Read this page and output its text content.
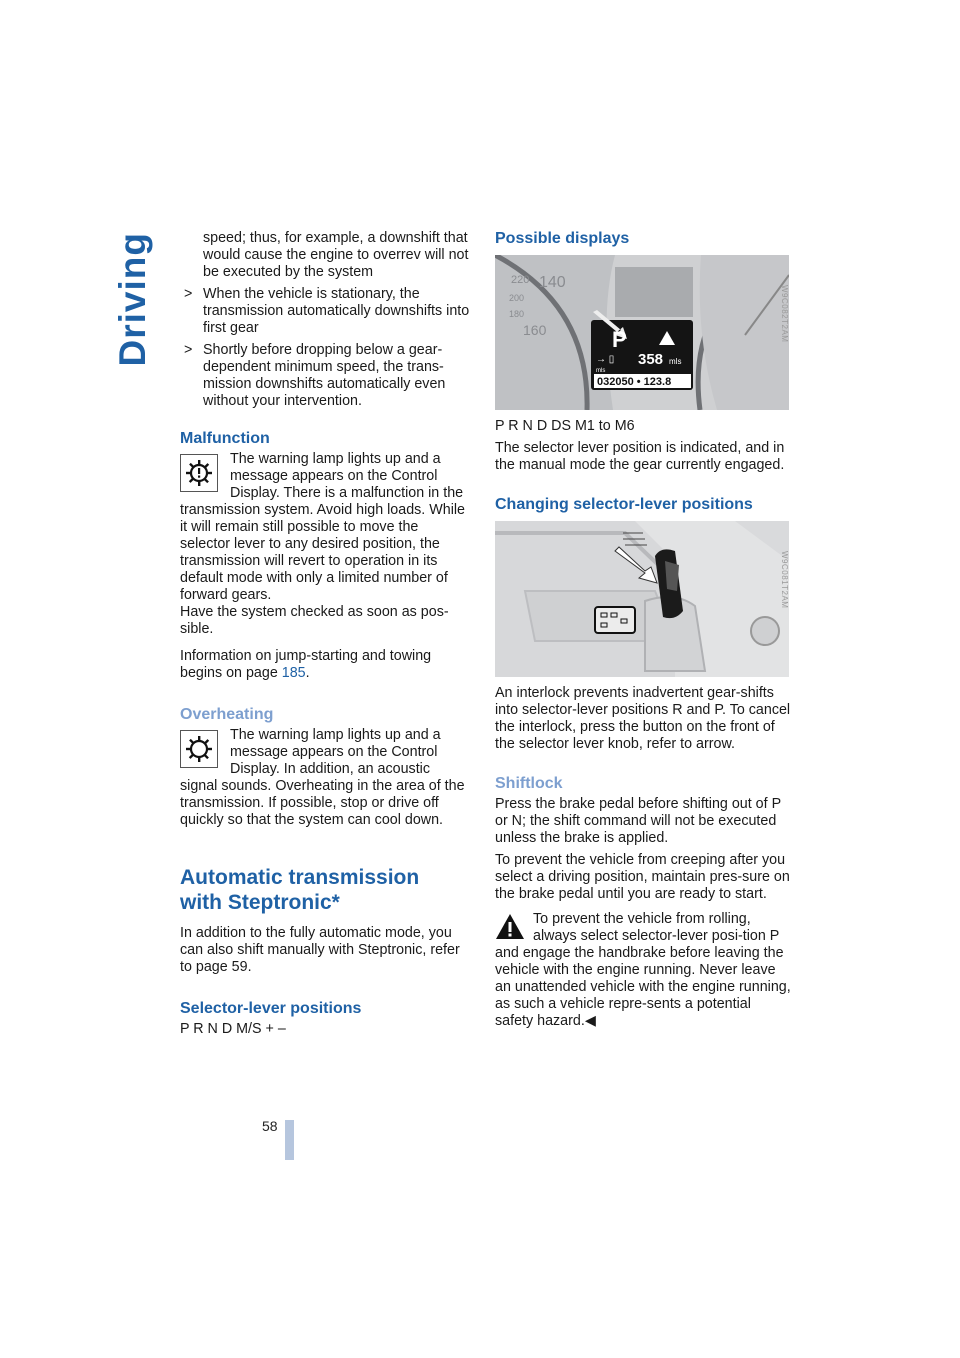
Driving	speed; thus, for example, a downshift that would cause the engine to overrev will not be executed by the system

> When the vehicle is stationary, the transmission automatically downshifts into first gear
> Shortly before dropping below a gear-dependent minimum speed, the trans-mission downshifts automatically even without your intervention.
Malfunction
The warning lamp lights up and a message appears on the Control Display. There is a malfunction in the transmission system. Avoid high loads. While it will remain still possible to move the selector lever to any desired position, the transmission will revert to operation in its default mode with only a limited number of forward gears.

Have the system checked as soon as pos-sible.

Information on jump-starting and towing begins on page 185.

Overheating
The warning lamp lights up and a message appears on the Control Display. In addition, an acoustic signal sounds. Overheating in the area of the transmission. If possible, stop or drive off quickly so that the system can cool down.
Automatic transmission
with Steptronic*

In addition to the fully automatic mode, you can also shift manually with Steptronic, refer to page 59.

Selector-lever positions

P R N D M/S + –

Possible displays
220 140
200
180
160	P
→ ▯ 358 mls
mls
032050 • 123.8
W9C082T2AM

P R N D DS M1 to M6

The selector lever position is indicated, and in the manual mode the gear currently engaged.

Changing selector-lever positions
W9C081T2AM

An interlock prevents inadvertent gear-shifts into selector-lever positions R and P. To cancel the interlock, press the button on the front of the selector lever knob, refer to arrow.

Shiftlock

Press the brake pedal before shifting out of P or N; the shift command will not be executed unless the brake is applied.

To prevent the vehicle from creeping after you select a driving position, maintain pres-sure on the brake pedal until you are ready to start.

To prevent the vehicle from rolling, always select selector-lever posi-tion P and engage the handbrake before leaving the vehicle with the engine running. Never leave an unattended vehicle with the engine running, as such a vehicle repre-sents a potential safety hazard.◀
58
